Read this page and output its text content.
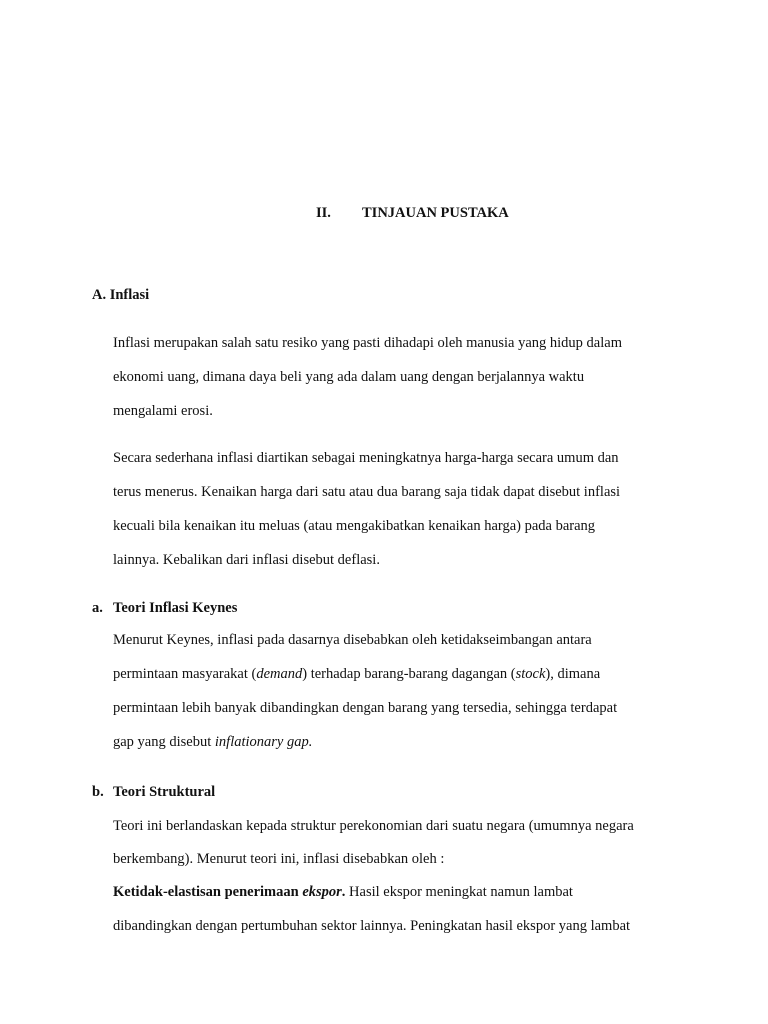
II. TINJAUAN PUSTAKA
A. Inflasi
Inflasi merupakan salah satu resiko yang pasti dihadapi oleh manusia yang hidup dalam
ekonomi uang, dimana daya beli yang ada dalam uang dengan berjalannya waktu
mengalami erosi.
Secara sederhana inflasi diartikan sebagai meningkatnya harga-harga secara umum dan
terus menerus. Kenaikan harga dari satu atau dua barang saja tidak dapat disebut inflasi
kecuali bila kenaikan itu meluas (atau mengakibatkan kenaikan harga) pada barang
lainnya. Kebalikan dari inflasi disebut deflasi.
a. Teori Inflasi Keynes
Menurut Keynes, inflasi pada dasarnya disebabkan oleh ketidakseimbangan antara
permintaan masyarakat (demand) terhadap barang-barang dagangan (stock), dimana
permintaan lebih banyak dibandingkan dengan barang yang tersedia, sehingga terdapat
gap yang disebut inflationary gap.
b. Teori Struktural
Teori ini berlandaskan kepada struktur perekonomian dari suatu negara (umumnya negara
berkembang). Menurut teori ini, inflasi disebabkan oleh :
Ketidak-elastisan penerimaan ekspor. Hasil ekspor meningkat namun lambat
dibandingkan dengan pertumbuhan sektor lainnya. Peningkatan hasil ekspor yang lambat
